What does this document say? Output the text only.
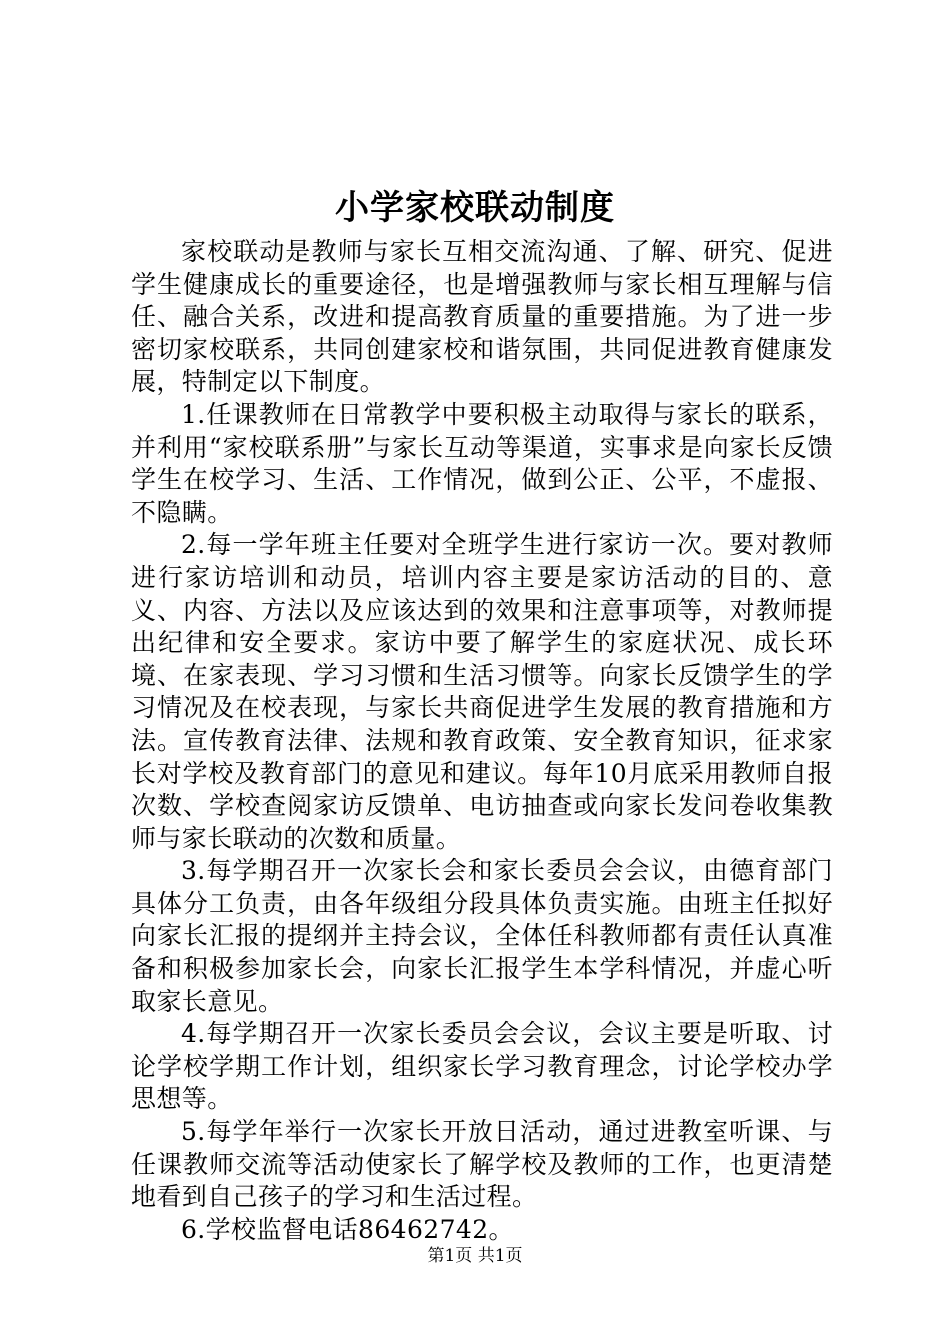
小学家校联动制度

家校联动是教师与家长互相交流沟通、了解、研究、促进学生健康成长的重要途径，也是增强教师与家长相互理解与信任、融合关系，改进和提高教育质量的重要措施。为了进一步密切家校联系，共同创建家校和谐氛围，共同促进教育健康发展，特制定以下制度。

1.任课教师在日常教学中要积极主动取得与家长的联系，并利用“家校联系册”与家长互动等渠道，实事求是向家长反馈学生在校学习、生活、工作情况，做到公正、公平，不虚报、不隐瞒。

2.每一学年班主任要对全班学生进行家访一次。要对教师进行家访培训和动员，培训内容主要是家访活动的目的、意义、内容、方法以及应该达到的效果和注意事项等，对教师提出纪律和安全要求。家访中要了解学生的家庭状况、成长环境、在家表现、学习习惯和生活习惯等。向家长反馈学生的学习情况及在校表现，与家长共商促进学生发展的教育措施和方法。宣传教育法律、法规和教育政策、安全教育知识，征求家长对学校及教育部门的意见和建议。每年10月底采用教师自报次数、学校查阅家访反馈单、电访抽查或向家长发问卷收集教师与家长联动的次数和质量。

3.每学期召开一次家长会和家长委员会会议，由德育部门具体分工负责，由各年级组分段具体负责实施。由班主任拟好向家长汇报的提纲并主持会议，全体任科教师都有责任认真准备和积极参加家长会，向家长汇报学生本学科情况，并虚心听取家长意见。

4.每学期召开一次家长委员会会议，会议主要是听取、讨论学校学期工作计划，组织家长学习教育理念，讨论学校办学思想等。

5.每学年举行一次家长开放日活动，通过进教室听课、与任课教师交流等活动使家长了解学校及教师的工作，也更清楚地看到自己孩子的学习和生活过程。

6.学校监督电话86462742。

第1页 共1页
